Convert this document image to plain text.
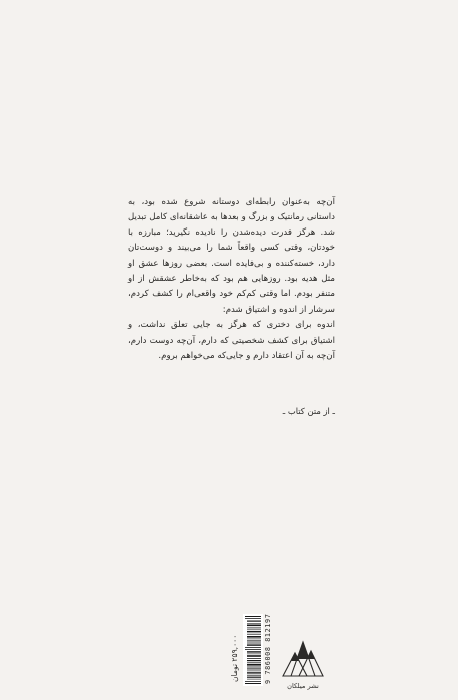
آن‌چه به‌عنوان رابطه‌ای دوستانه شروع شده بود، به داستانی رمانتیک و بزرگ و بعدها به عاشقانه‌ای کامل تبدیل شد. هرگز قدرت دیده‌شدن را نادیده نگیرید؛ مبارزه با خودتان، وقتی کسی واقعاً شما را می‌بیند و دوست‌تان دارد، خسته‌کننده و بی‌فایده است. بعضی روزها عشق او مثل هدیه بود. روزهایی هم بود که به‌خاطر عشقش از او متنفر بودم. اما وقتی کم‌کم خود واقعی‌ام را کشف کردم، سرشار از اندوه و اشتیاق شدم:

اندوه برای دختری که هرگز به جایی تعلق نداشت، و اشتیاق برای کشف شخصیتی که دارم، آن‌چه دوست دارم، آن‌چه به آن اعتقاد دارم و جایی‌که می‌خواهم بروم.

ـ از متن کتاب ـ
۲۵۹,۰۰۰ تومان	9 786008 812197
نشر میلکان
